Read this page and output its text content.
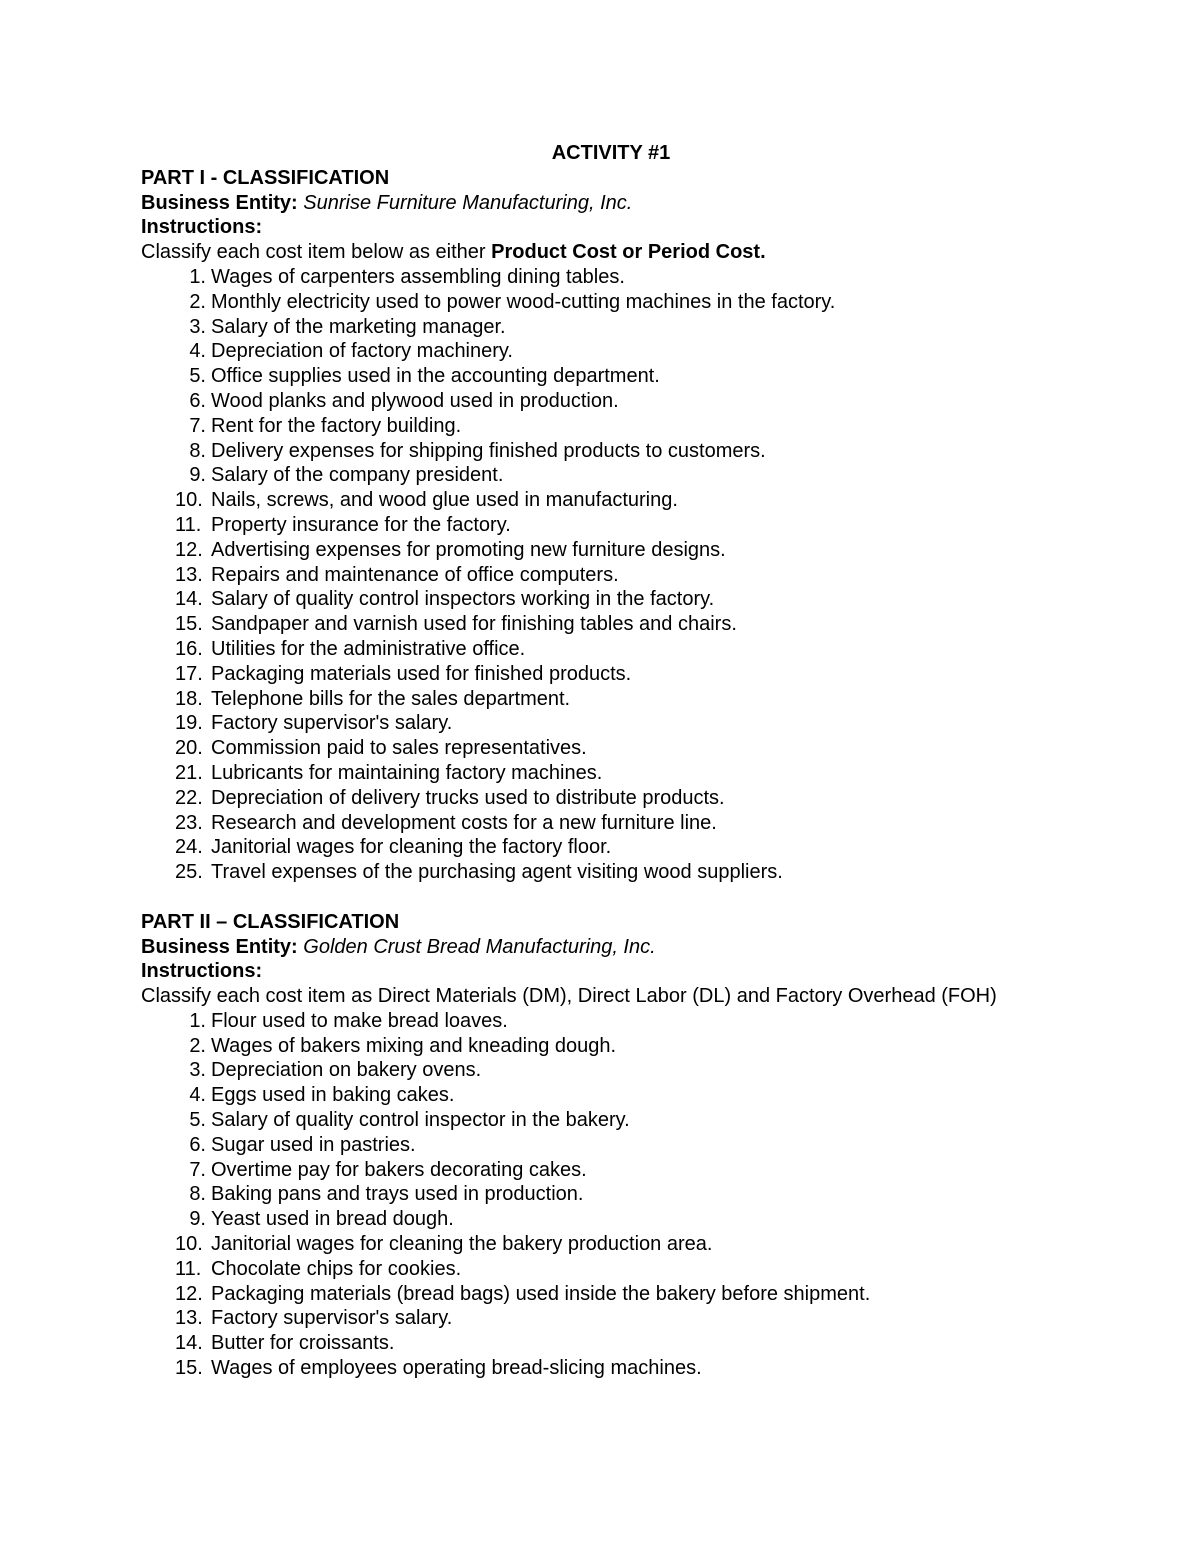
ACTIVITY #1

PART I - CLASSIFICATION

Business Entity: Sunrise Furniture Manufacturing, Inc.

Instructions:

Classify each cost item below as either Product Cost or Period Cost.

1. Wages of carpenters assembling dining tables.
2. Monthly electricity used to power wood-cutting machines in the factory.
3. Salary of the marketing manager.
4. Depreciation of factory machinery.
5. Office supplies used in the accounting department.
6. Wood planks and plywood used in production.
7. Rent for the factory building.
8. Delivery expenses for shipping finished products to customers.
9. Salary of the company president.
10. Nails, screws, and wood glue used in manufacturing.
11. Property insurance for the factory.
12. Advertising expenses for promoting new furniture designs.
13. Repairs and maintenance of office computers.
14. Salary of quality control inspectors working in the factory.
15. Sandpaper and varnish used for finishing tables and chairs.
16. Utilities for the administrative office.
17. Packaging materials used for finished products.
18. Telephone bills for the sales department.
19. Factory supervisor's salary.
20. Commission paid to sales representatives.
21. Lubricants for maintaining factory machines.
22. Depreciation of delivery trucks used to distribute products.
23. Research and development costs for a new furniture line.
24. Janitorial wages for cleaning the factory floor.
25. Travel expenses of the purchasing agent visiting wood suppliers.

PART II – CLASSIFICATION

Business Entity: Golden Crust Bread Manufacturing, Inc.

Instructions:

Classify each cost item as Direct Materials (DM), Direct Labor (DL) and Factory Overhead (FOH)

1. Flour used to make bread loaves.
2. Wages of bakers mixing and kneading dough.
3. Depreciation on bakery ovens.
4. Eggs used in baking cakes.
5. Salary of quality control inspector in the bakery.
6. Sugar used in pastries.
7. Overtime pay for bakers decorating cakes.
8. Baking pans and trays used in production.
9. Yeast used in bread dough.
10. Janitorial wages for cleaning the bakery production area.
11. Chocolate chips for cookies.
12. Packaging materials (bread bags) used inside the bakery before shipment.
13. Factory supervisor's salary.
14. Butter for croissants.
15. Wages of employees operating bread-slicing machines.
